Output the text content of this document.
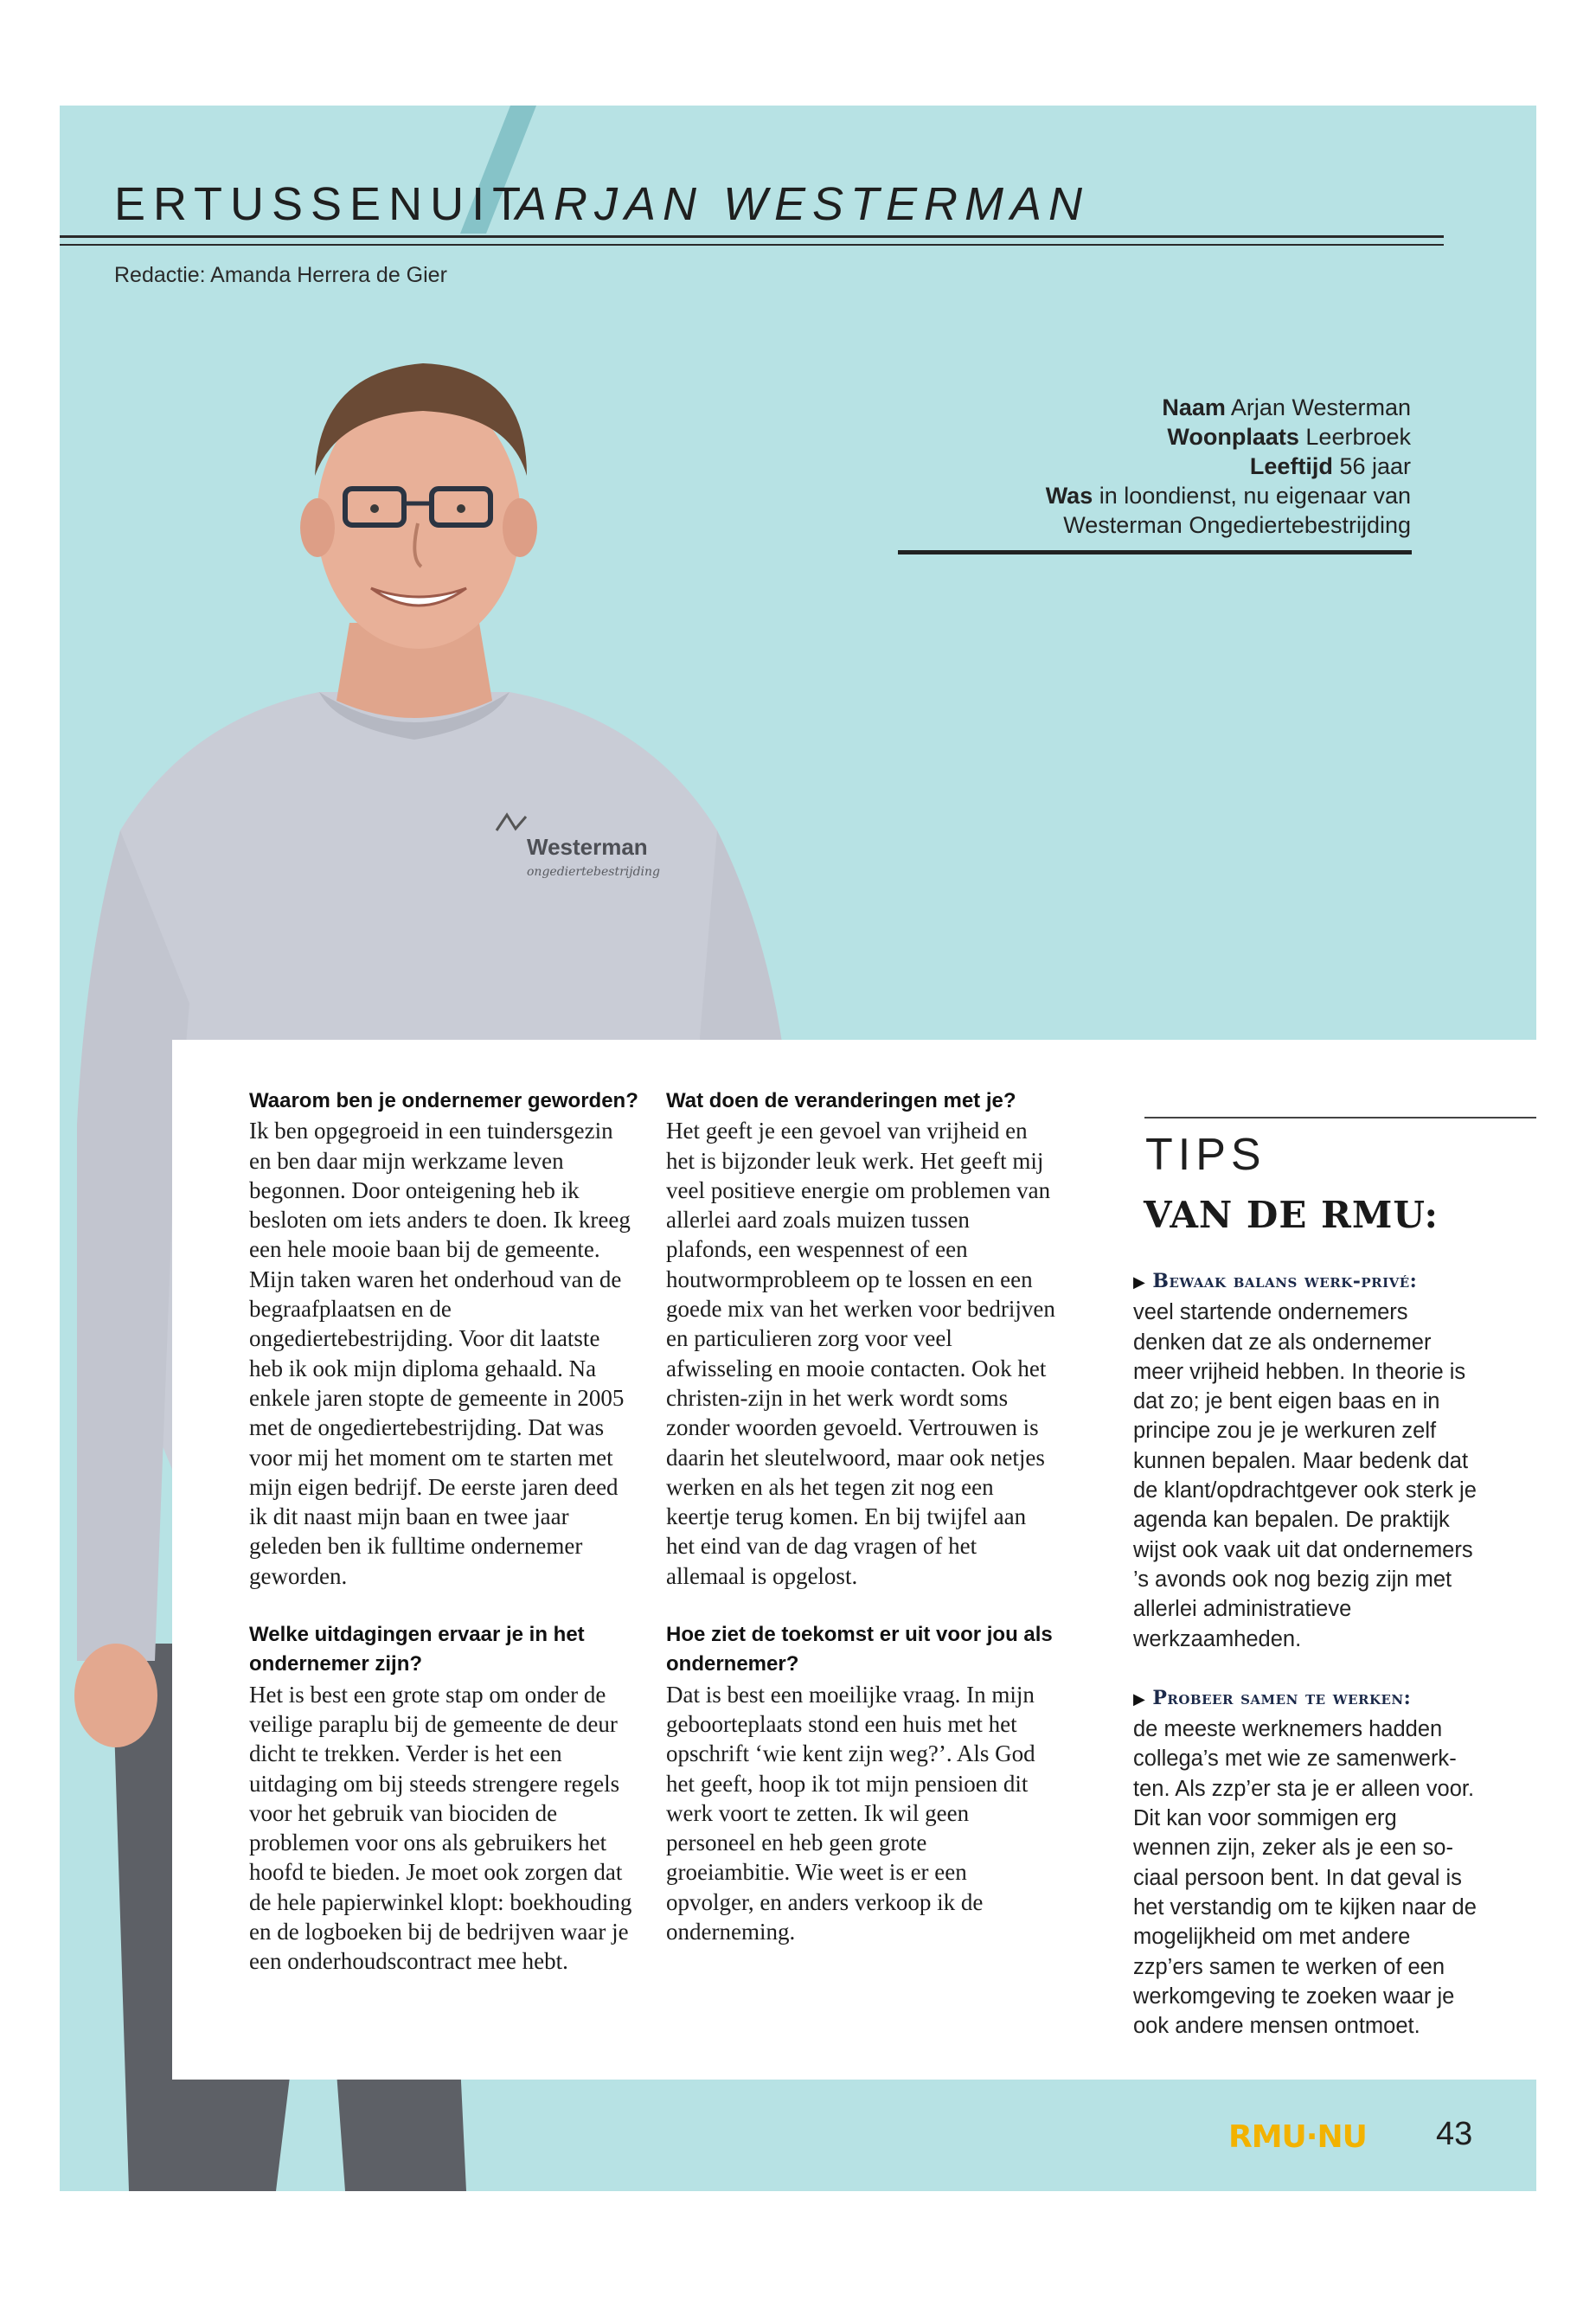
ERTUSSENUIT
ARJAN WESTERMAN
Redactie: Amanda Herrera de Gier
Naam Arjan Westerman
Woonplaats Leerbroek
Leeftijd 56 jaar
Was in loondienst, nu eigenaar van
Westerman Ongediertebestrijding
Westerman
ongediertebestrijding
Waarom ben je ondernemer geworden?

Ik ben opgegroeid in een tuindersgezin en ben daar mijn werkzame leven begonnen. Door onteigening heb ik besloten om iets anders te doen. Ik kreeg een hele mooie baan bij de gemeente. Mijn taken waren het onderhoud van de begraafplaatsen en de ongediertebestrijding. Voor dit laatste heb ik ook mijn diploma gehaald. Na enkele jaren stopte de gemeente in 2005 met de ongediertebestrijding. Dat was voor mij het moment om te starten met mijn eigen bedrijf. De eerste jaren deed ik dit naast mijn baan en twee jaar geleden ben ik fulltime ondernemer geworden.

Welke uitdagingen ervaar je in het ondernemer zijn?

Het is best een grote stap om onder de veilige paraplu bij de gemeente de deur dicht te trekken. Verder is het een uitdaging om bij steeds strengere regels voor het gebruik van biociden de problemen voor ons als gebruikers het hoofd te bieden. Je moet ook zorgen dat de hele papierwinkel klopt: boekhouding en de logboeken bij de bedrijven waar je een onderhoudscontract mee hebt.

Wat doen de veranderingen met je?

Het geeft je een gevoel van vrijheid en het is bijzonder leuk werk. Het geeft mij veel positieve energie om problemen van allerlei aard zoals muizen tussen plafonds, een wespennest of een houtwormprobleem op te lossen en een goede mix van het werken voor bedrijven en particulieren zorg voor veel afwisseling en mooie contacten. Ook het christen-zijn in het werk wordt soms zonder woorden gevoeld. Vertrouwen is daarin het sleutelwoord, maar ook netjes werken en als het tegen zit nog een keertje terug komen. En bij twijfel aan het eind van de dag vragen of het allemaal is opgelost.

Hoe ziet de toekomst er uit voor jou als ondernemer?

Dat is best een moeilijke vraag. In mijn geboorteplaats stond een huis met het opschrift ‘wie kent zijn weg?’. Als God het geeft, hoop ik tot mijn pensioen dit werk voort te zetten. Ik wil geen personeel en heb geen grote groeiambitie. Wie weet is er een opvolger, en anders verkoop ik de onderneming.

TIPS
VAN DE RMU:
▶ Bewaak balans werk-privé:
veel startende ondernemers denken dat ze als ondernemer meer vrijheid hebben. In theorie is dat zo; je bent eigen baas en in principe zou je je werkuren zelf kunnen bepalen. Maar bedenk dat de klant/opdrachtgever ook sterk je agenda kan bepalen. De praktijk wijst ook vaak uit dat ondernemers ’s avonds ook nog bezig zijn met allerlei administratieve werkzaamheden.
▶ Probeer samen te werken:
de meeste werknemers hadden collega’s met wie ze samenwerkten. Als zzp’er sta je er alleen voor. Dit kan voor sommigen erg wennen zijn, zeker als je een sociaal persoon bent. In dat geval is het verstandig om te kijken naar de mogelijkheid om met andere zzp’ers samen te werken of een werkomgeving te zoeken waar je ook andere mensen ontmoet.
RMU·NU 43
